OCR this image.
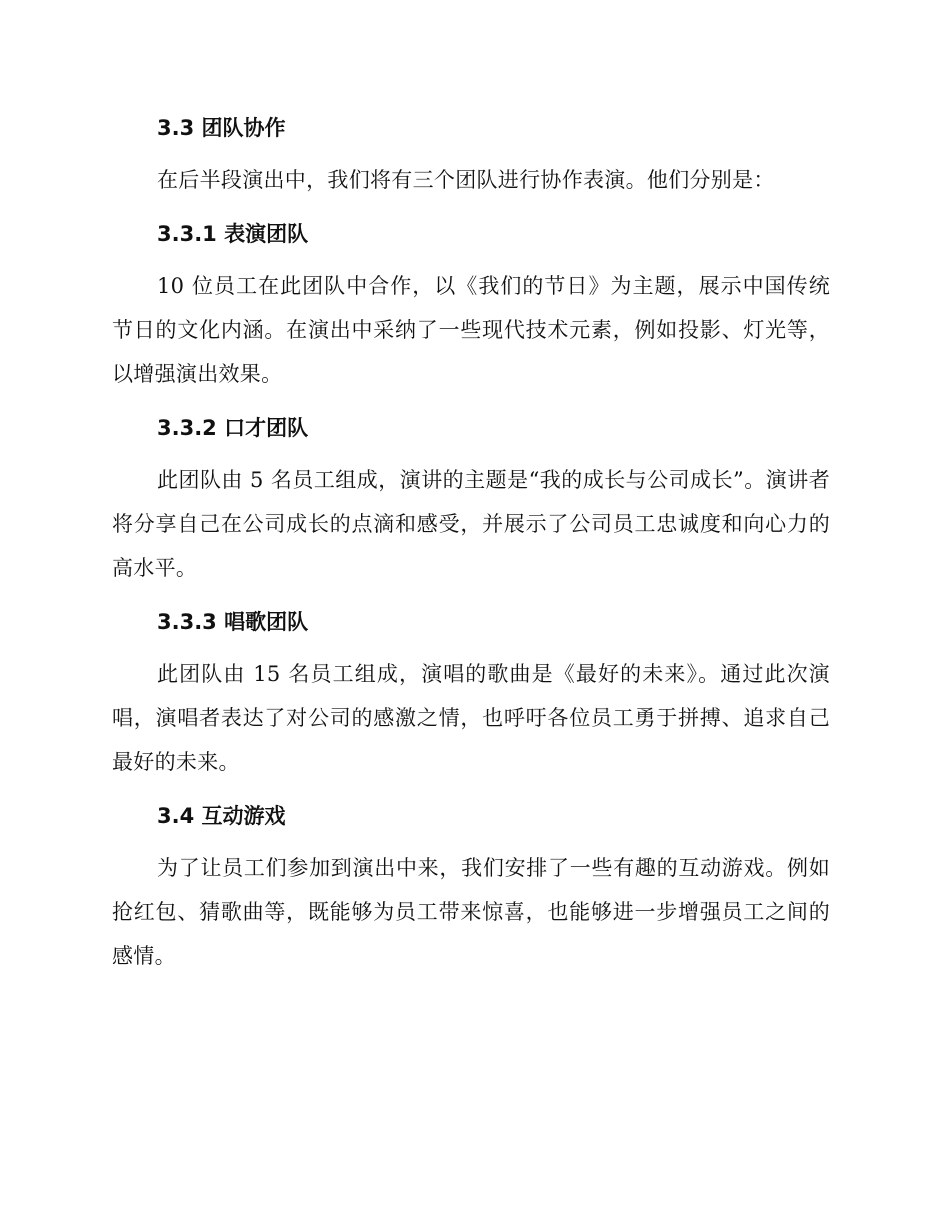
3.3 团队协作

在后半段演出中，我们将有三个团队进行协作表演。他们分别是：

3.3.1 表演团队

10 位员工在此团队中合作，以《我们的节日》为主题，展示中国传统节日的文化内涵。在演出中采纳了一些现代技术元素，例如投影、灯光等，以增强演出效果。

3.3.2 口才团队

此团队由 5 名员工组成，演讲的主题是“我的成长与公司成长”。演讲者将分享自己在公司成长的点滴和感受，并展示了公司员工忠诚度和向心力的高水平。

3.3.3 唱歌团队

此团队由 15 名员工组成，演唱的歌曲是《最好的未来》。通过此次演唱，演唱者表达了对公司的感激之情，也呼吁各位员工勇于拼搏、追求自己最好的未来。

3.4 互动游戏

为了让员工们参加到演出中来，我们安排了一些有趣的互动游戏。例如抢红包、猜歌曲等，既能够为员工带来惊喜，也能够进一步增强员工之间的感情。
